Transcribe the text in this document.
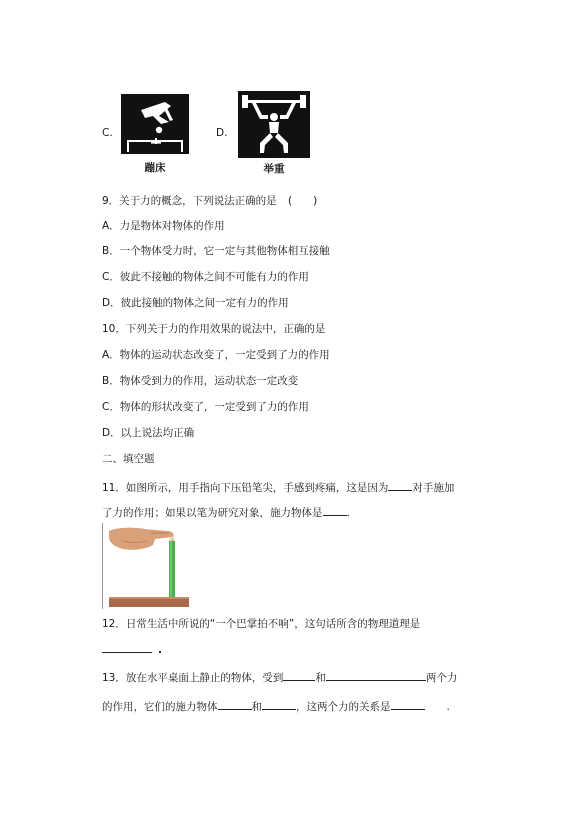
C.
蹦床
D.
举重
9．关于力的概念，下列说法正确的是 (　　)
A．力是物体对物体的作用
B．一个物体受力时，它一定与其他物体相互接触
C．彼此不接触的物体之间不可能有力的作用
D．彼此接触的物体之间一定有力的作用
10．下列关于力的作用效果的说法中，正确的是
A．物体的运动状态改变了，一定受到了力的作用
B．物体受到力的作用，运动状态一定改变
C．物体的形状改变了，一定受到了力的作用
D．以上说法均正确
二、填空题
11．如图所示，用手指向下压铅笔尖，手感到疼痛，这是因为 对手施加
了力的作用；如果以笔为研究对象，施力物体是 .
12．日常生活中所说的“一个巴掌拍不响”，这句话所含的物理道理是
.
13．放在水平桌面上静止的物体，受到	和	两个力
的作用，它们的施力物体	和	，这两个力的关系是	.
